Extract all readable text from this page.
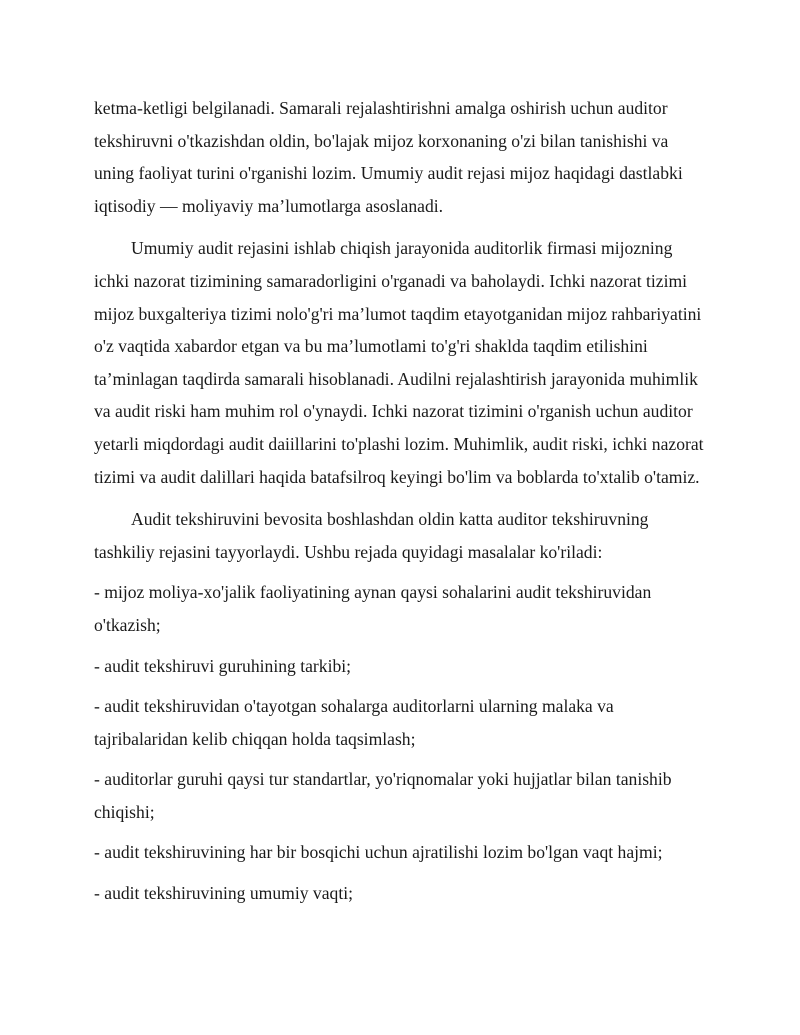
ketma-ketligi belgilanadi. Samarali rejalashtirishni amalga oshirish uchun auditor tekshiruvni o'tkazishdan oldin, bo'lajak mijoz korxonaning o'zi bilan tanishishi va uning faoliyat turini o'rganishi lozim. Umumiy audit rejasi mijoz haqidagi dastlabki iqtisodiy — moliyaviy ma’lumotlarga asoslanadi.

Umumiy audit rejasini ishlab chiqish jarayonida auditorlik firmasi mijozning ichki nazorat tizimining samaradorligini o'rganadi va baholaydi. Ichki nazorat tizimi mijoz buxgalteriya tizimi nolo'g'ri ma’lumot taqdim etayotganidan mijoz rahbariyatini o'z vaqtida xabardor etgan va bu ma’lumotlami to'g'ri shaklda taqdim etilishini ta’minlagan taqdirda samarali hisoblanadi. Audilni rejalashtirish jarayonida muhimlik va audit riski ham muhim rol o'ynaydi. Ichki nazorat tizimini o'rganish uchun auditor yetarli miqdordagi audit daiillarini to'plashi lozim. Muhimlik, audit riski, ichki nazorat tizimi va audit dalillari haqida batafsilroq keyingi bo'lim va boblarda to'xtalib o'tamiz.

Audit tekshiruvini bevosita boshlashdan oldin katta auditor tekshiruvning tashkiliy rejasini tayyorlaydi. Ushbu rejada quyidagi masalalar ko'riladi:

- mijoz moliya-xo'jalik faoliyatining aynan qaysi sohalarini audit tekshiruvidan o'tkazish;

- audit tekshiruvi guruhining tarkibi;

- audit tekshiruvidan o'tayotgan sohalarga auditorlarni ularning malaka va tajribalaridan kelib chiqqan holda taqsimlash;

- auditorlar guruhi qaysi tur standartlar, yo'riqnomalar yoki hujjatlar bilan tanishib chiqishi;

- audit tekshiruvining har bir bosqichi uchun ajratilishi lozim bo'lgan vaqt hajmi;

- audit tekshiruvining umumiy vaqti;
